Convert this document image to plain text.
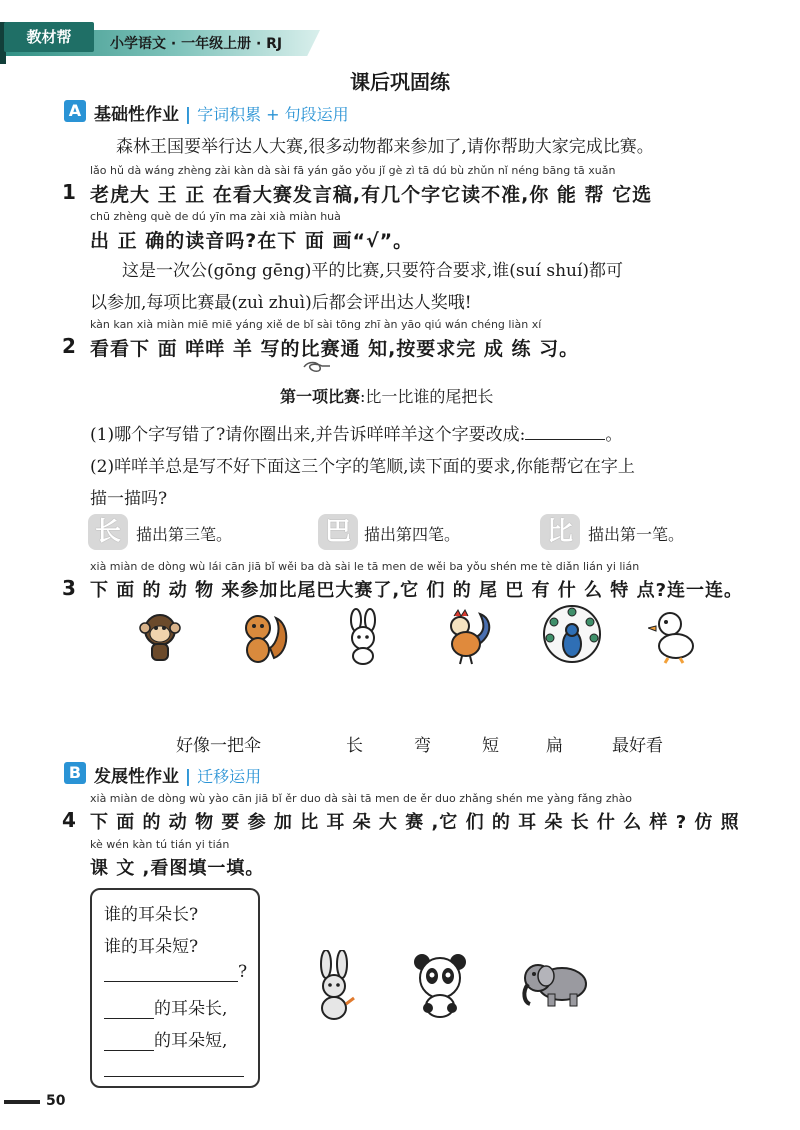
教材帮	小学语文 · 一年级上册 · RJ
课后巩固练
A 基础性作业 | 字词积累 + 句段运用
森林王国要举行达人大赛,很多动物都来参加了,请你帮助大家完成比赛。
lǎo hǔ dà wáng zhèng zài kàn dà sài fā yán gǎo yǒu jǐ gè zì tā dú bù zhǔn nǐ néng bāng tā xuǎn
1 老虎大 王 正 在看大赛发言稿,有几个字它读不准,你 能 帮 它选
chū zhèng què de dú yīn ma zài xià miàn huà
出 正 确的读音吗?在下 面 画“√”。
这是一次公(gōng gēng)平的比赛,只要符合要求,谁(suí shuí)都可
以参加,每项比赛最(zuì zhuì)后都会评出达人奖哦!
kàn kan xià miàn miē miē yáng xiě de bǐ sài tōng zhī àn yāo qiú wán chéng liàn xí
2 看看下 面 咩咩 羊 写的比赛通 知,按要求完 成 练 习。
第一项比赛:比一比谁的尾把长
(1)哪个字写错了?请你圈出来,并告诉咩咩羊这个字要改成:	。
(2)咩咩羊总是写不好下面这三个字的笔顺,读下面的要求,你能帮它在字上
描一描吗?
长 描出第三笔。	巴 描出第四笔。	比 描出第一笔。
xià miàn de dòng wù lái cān jiā bǐ wěi ba dà sài le tā men de wěi ba yǒu shén me tè diǎn lián yi lián
3 下 面 的 动 物 来参加比尾巴大赛了,它 们 的 尾 巴 有 什 么 特 点?连一连。
好像一把伞	长	弯	短	扁	最好看
B 发展性作业 | 迁移运用
xià miàn de dòng wù yào cān jiā bǐ ěr duo dà sài tā men de ěr duo zhǎng shén me yàng fǎng zhào
4 下 面 的 动 物 要 参 加 比 耳 朵 大 赛 ,它 们 的 耳 朵 长 什 么 样 ? 仿 照
kè wén kàn tú tián yi tián
课 文 ,看图填一填。
谁的耳朵长?
谁的耳朵短?
?
的耳朵长,
的耳朵短,
50
